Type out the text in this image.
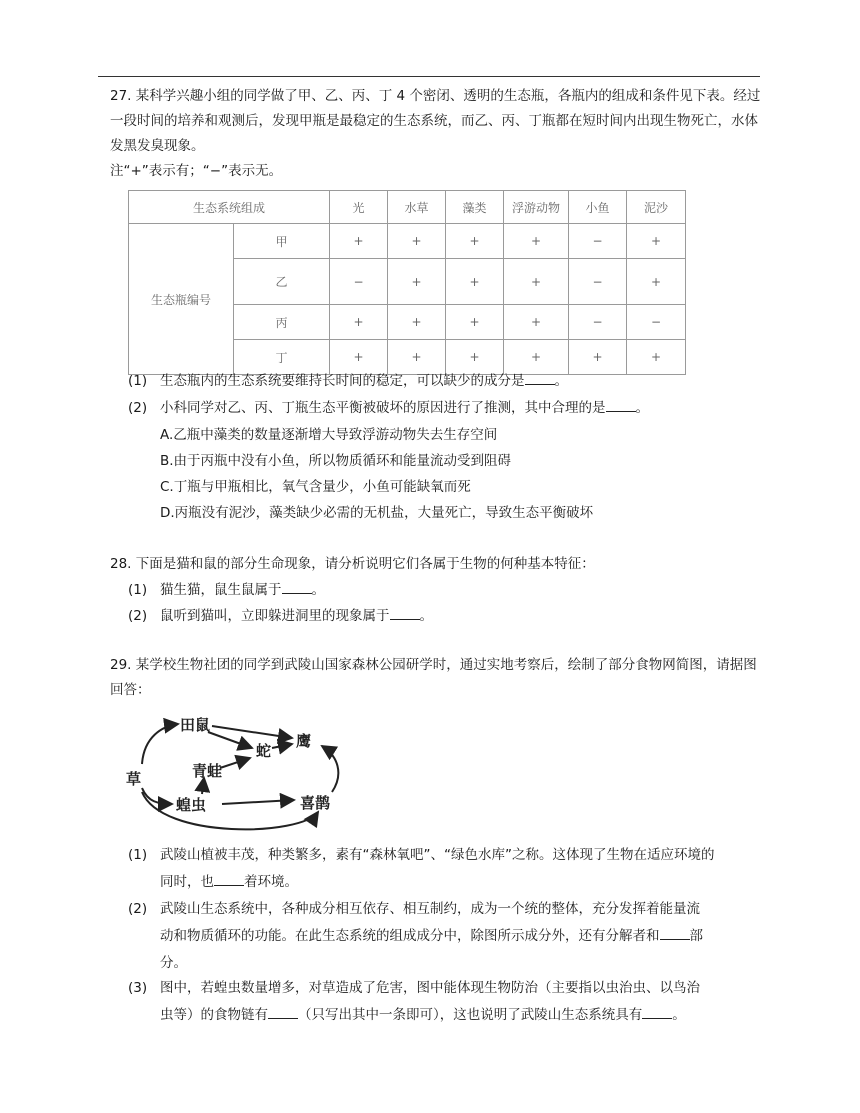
27. 某科学兴趣小组的同学做了甲、乙、丙、丁 4 个密闭、透明的生态瓶，各瓶内的组成和条件见下表。经过一段时间的培养和观测后，发现甲瓶是最稳定的生态系统，而乙、丙、丁瓶都在短时间内出现生物死亡，水体发黑发臭现象。
注“+”表示有；“−”表示无。
生态系统组成		光	水草	藻类	浮游动物	小鱼	泥沙
生态瓶编号	甲	+	+	+	+	−	+
	乙	−	+	+	+	−	+
	丙	+	+	+	+	−	−
	丁	+	+	+	+	+	+
(1) 生态瓶内的生态系统要维持长时间的稳定，可以缺少的成分是 。
(2) 小科同学对乙、丙、丁瓶生态平衡被破坏的原因进行了推测，其中合理的是 。
A.乙瓶中藻类的数量逐渐增大导致浮游动物失去生存空间
B.由于丙瓶中没有小鱼，所以物质循环和能量流动受到阻碍
C.丁瓶与甲瓶相比，氧气含量少，小鱼可能缺氧而死
D.丙瓶没有泥沙，藻类缺少必需的无机盐，大量死亡，导致生态平衡破坏
28. 下面是猫和鼠的部分生命现象，请分析说明它们各属于生物的何种基本特征：
(1) 猫生猫，鼠生鼠属于 。
(2) 鼠听到猫叫，立即躲进洞里的现象属于 。
29. 某学校生物社团的同学到武陵山国家森林公园研学时，通过实地考察后，绘制了部分食物网简图，请据图回答：
草
田鼠
蛇
鹰
青蛙
蝗虫	喜鹊
(1) 武陵山植被丰茂，种类繁多，素有“森林氧吧”、“绿色水库”之称。这体现了生物在适应环境的
同时，也 着环境。
(2) 武陵山生态系统中，各种成分相互依存、相互制约，成为一个统的整体，充分发挥着能量流
动和物质循环的功能。在此生态系统的组成成分中，除图所示成分外，还有分解者和 部
分。
(3) 图中，若蝗虫数量增多，对草造成了危害，图中能体现生物防治（主要指以虫治虫、以鸟治
虫等）的食物链有 （只写出其中一条即可），这也说明了武陵山生态系统具有 。
